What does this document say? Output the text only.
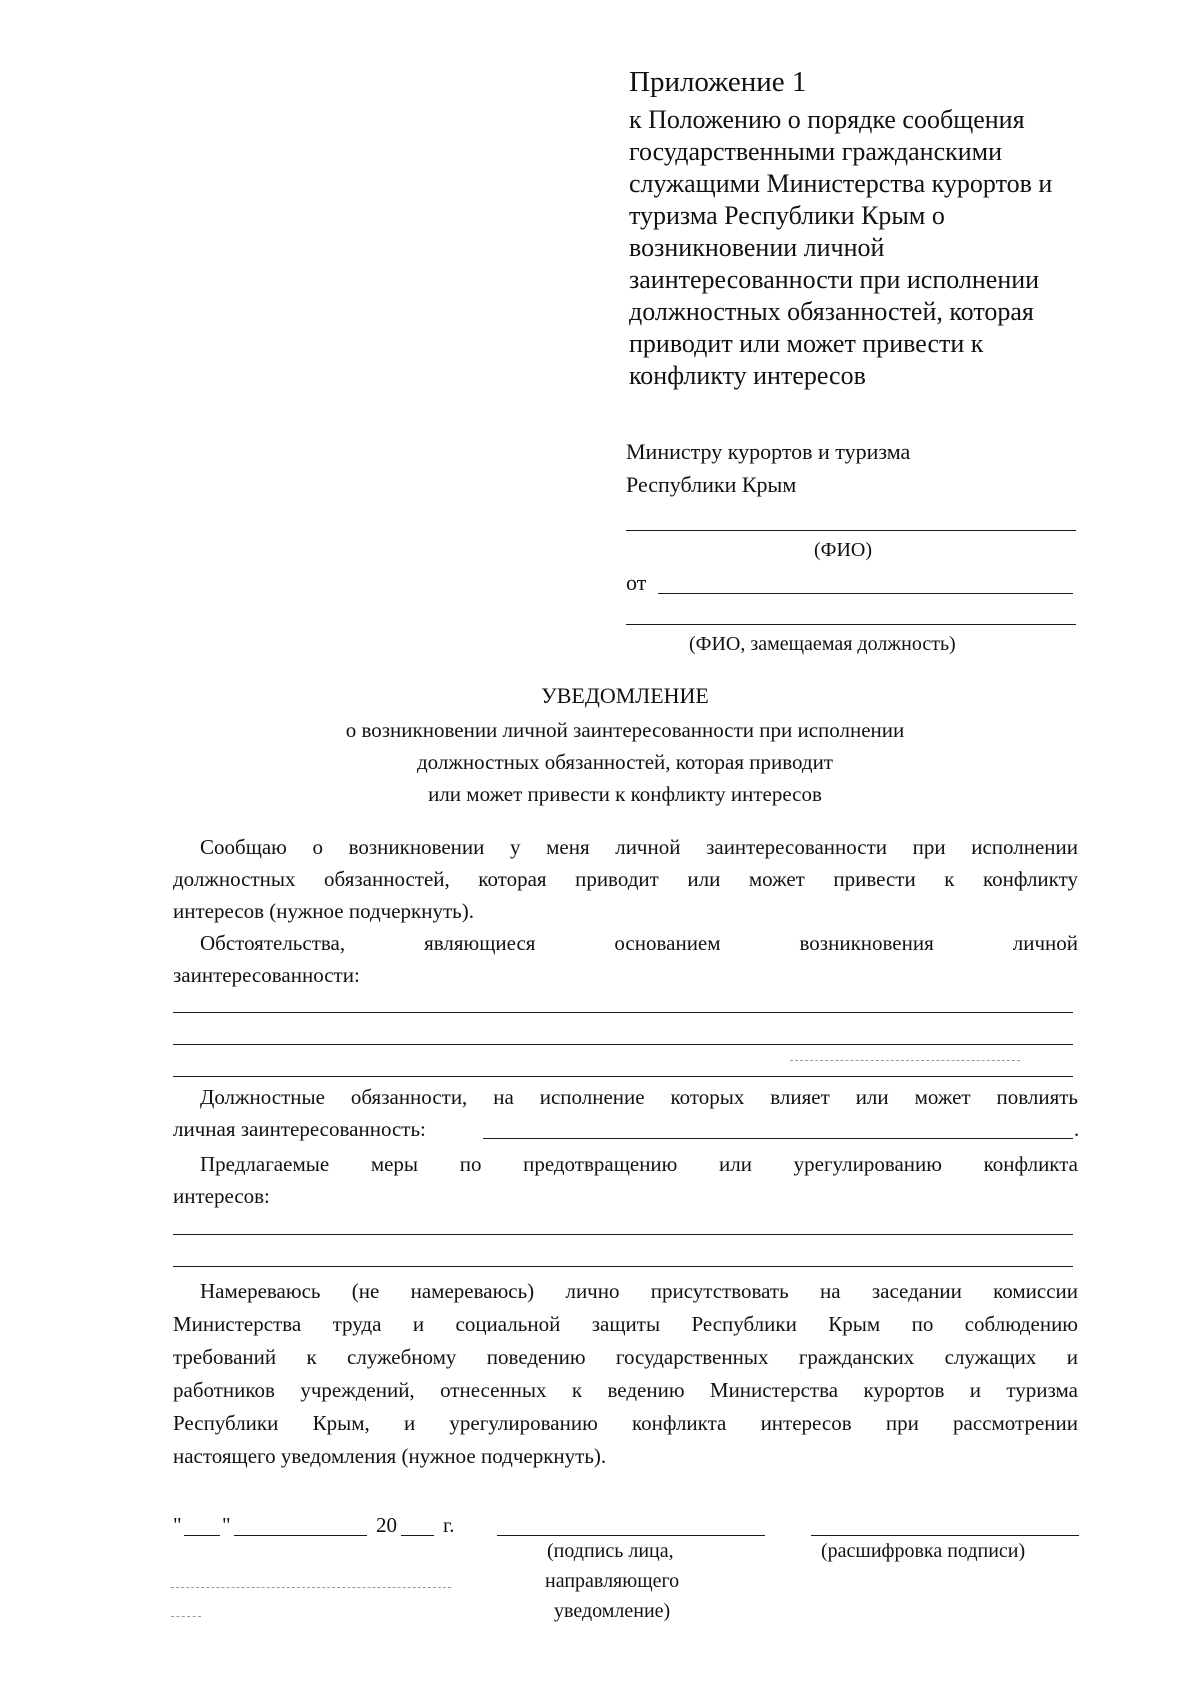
Приложение 1
к Положению о порядке сообщения
государственными гражданскими
служащими Министерства курортов и
туризма Республики Крым о
возникновении личной
заинтересованности при исполнении
должностных обязанностей, которая
приводит или может привести к
конфликту интересов
Министру курортов и туризма
Республики Крым
(ФИО)
от
(ФИО, замещаемая должность)
УВЕДОМЛЕНИЕ
о возникновении личной заинтересованности при исполнении
должностных обязанностей, которая приводит
или может привести к конфликту интересов
Сообщаю о возникновении у меня личной заинтересованности при исполнении
должностных обязанностей, которая приводит или может привести к конфликту
интересов (нужное подчеркнуть).
Обстоятельства, являющиеся основанием возникновения личной
заинтересованности:
Должностные обязанности, на исполнение которых влияет или может повлиять
личная заинтересованность:	.
Предлагаемые меры по предотвращению или урегулированию конфликта
интересов:
Намереваюсь (не намереваюсь) лично присутствовать на заседании комиссии
Министерства труда и социальной защиты Республики Крым по соблюдению
требований к служебному поведению государственных гражданских служащих и
работников учреждений, отнесенных к ведению Министерства курортов и туризма
Республики Крым, и урегулированию конфликта интересов при рассмотрении
настоящего уведомления (нужное подчеркнуть).
" "	20 г.
(подпись лица,
направляющего
уведомление)
(расшифровка подписи)
